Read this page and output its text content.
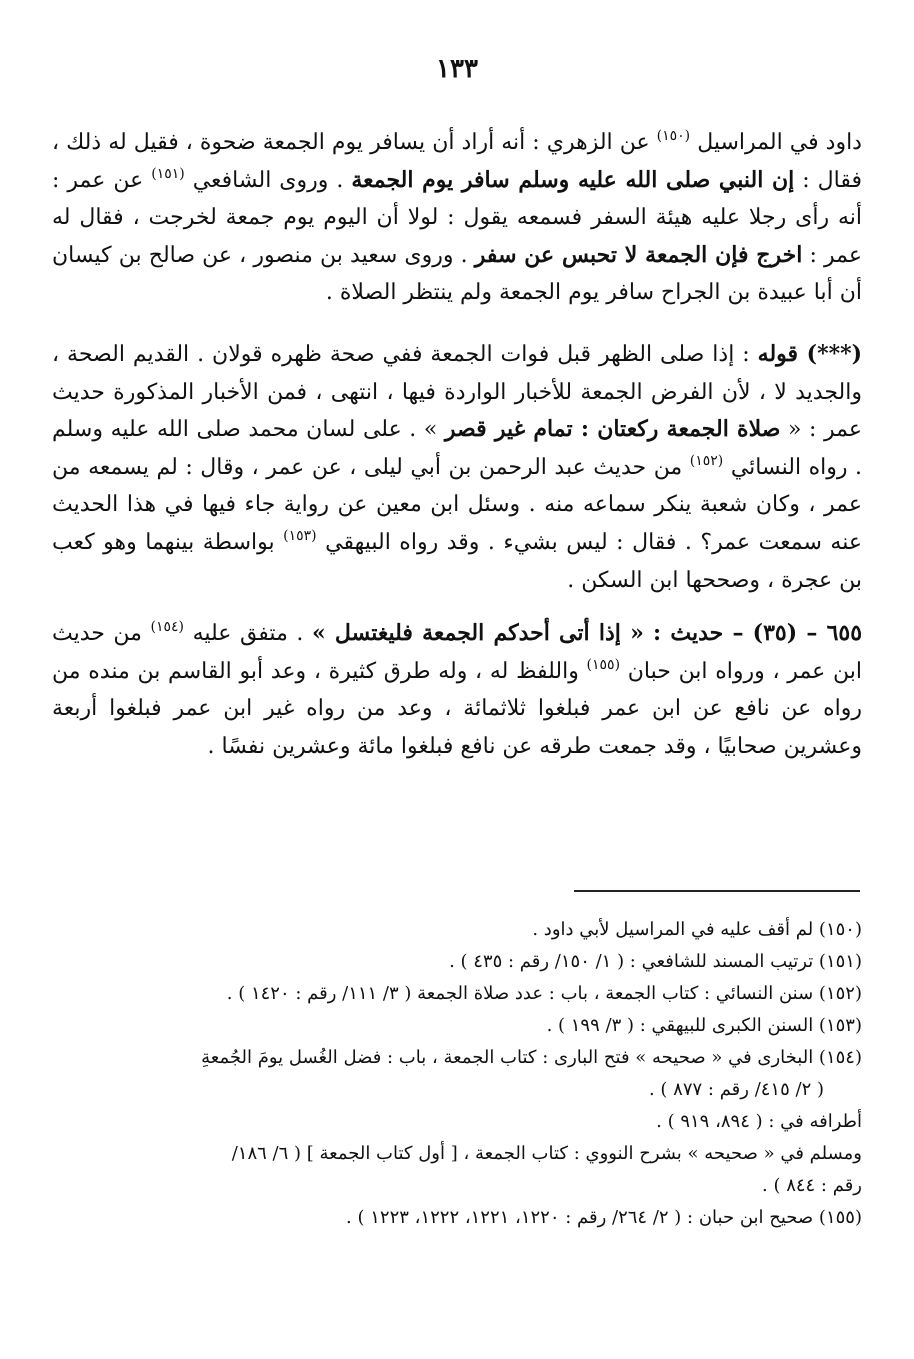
١٣٣

داود في المراسيل $^{(١٥٠)}$ عن الزهري : أنه أراد أن يسافر يوم الجمعة ضحوة ، فقيل له ذلك ، فقال : إن النبي صلى الله عليه وسلم سافر يوم الجمعة . وروى الشافعي $^{(١٥١)}$ عن عمر : أنه رأى رجلا عليه هيئة السفر فسمعه يقول : لولا أن اليوم يوم جمعة لخرجت ، فقال له عمر : اخرج فإن الجمعة لا تحبس عن سفر . وروى سعيد بن منصور ، عن صالح بن كيسان أن أبا عبيدة بن الجراح سافر يوم الجمعة ولم ينتظر الصلاة .

(***) قوله : إذا صلى الظهر قبل فوات الجمعة ففي صحة ظهره قولان . القديم الصحة ، والجديد لا ، لأن الفرض الجمعة للأخبار الواردة فيها ، انتهى ، فمن الأخبار المذكورة حديث عمر : « صلاة الجمعة ركعتان : تمام غير قصر » . على لسان محمد صلى الله عليه وسلم . رواه النسائي $^{(١٥٢)}$ من حديث عبد الرحمن بن أبي ليلى ، عن عمر ، وقال : لم يسمعه من عمر ، وكان شعبة ينكر سماعه منه . وسئل ابن معين عن رواية جاء فيها في هذا الحديث عنه سمعت عمر؟ . فقال : ليس بشيء . وقد رواه البيهقي $^{(١٥٣)}$ بواسطة بينهما وهو كعب بن عجرة ، وصححها ابن السكن .

٦٥٥ – (٣٥) – حديث : « إذا أتى أحدكم الجمعة فليغتسل » . متفق عليه $^{(١٥٤)}$ من حديث ابن عمر ، ورواه ابن حبان $^{(١٥٥)}$ واللفظ له ، وله طرق كثيرة ، وعد أبو القاسم بن منده من رواه عن نافع عن ابن عمر فبلغوا ثلاثمائة ، وعد من رواه غير ابن عمر فبلغوا أربعة وعشرين صحابيًا ، وقد جمعت طرقه عن نافع فبلغوا مائة وعشرين نفسًا .

(١٥٠) لم أقف عليه في المراسيل لأبي داود .

(١٥١) ترتيب المسند للشافعي : ( ١/ ١٥٠/ رقم : ٤٣٥ ) .

(١٥٢) سنن النسائي : كتاب الجمعة ، باب : عدد صلاة الجمعة ( ٣/ ١١١/ رقم : ١٤٢٠ ) .

(١٥٣) السنن الكبرى للبيهقي : ( ٣/ ١٩٩ ) .

(١٥٤) البخارى في « صحيحه » فتح البارى : كتاب الجمعة ، باب : فضل الغُسل يومَ الجُمعةِ

( ٢/ ٤١٥/ رقم : ٨٧٧ ) .

أطرافه في : ( ٨٩٤، ٩١٩ ) .

ومسلم في « صحيحه » بشرح النووي : كتاب الجمعة ، [ أول كتاب الجمعة ] ( ٦/ ١٨٦/

رقم : ٨٤٤ ) .

(١٥٥) صحيح ابن حبان : ( ٢/ ٢٦٤/ رقم : ١٢٢٠، ١٢٢١، ١٢٢٢، ١٢٢٣ ) .
